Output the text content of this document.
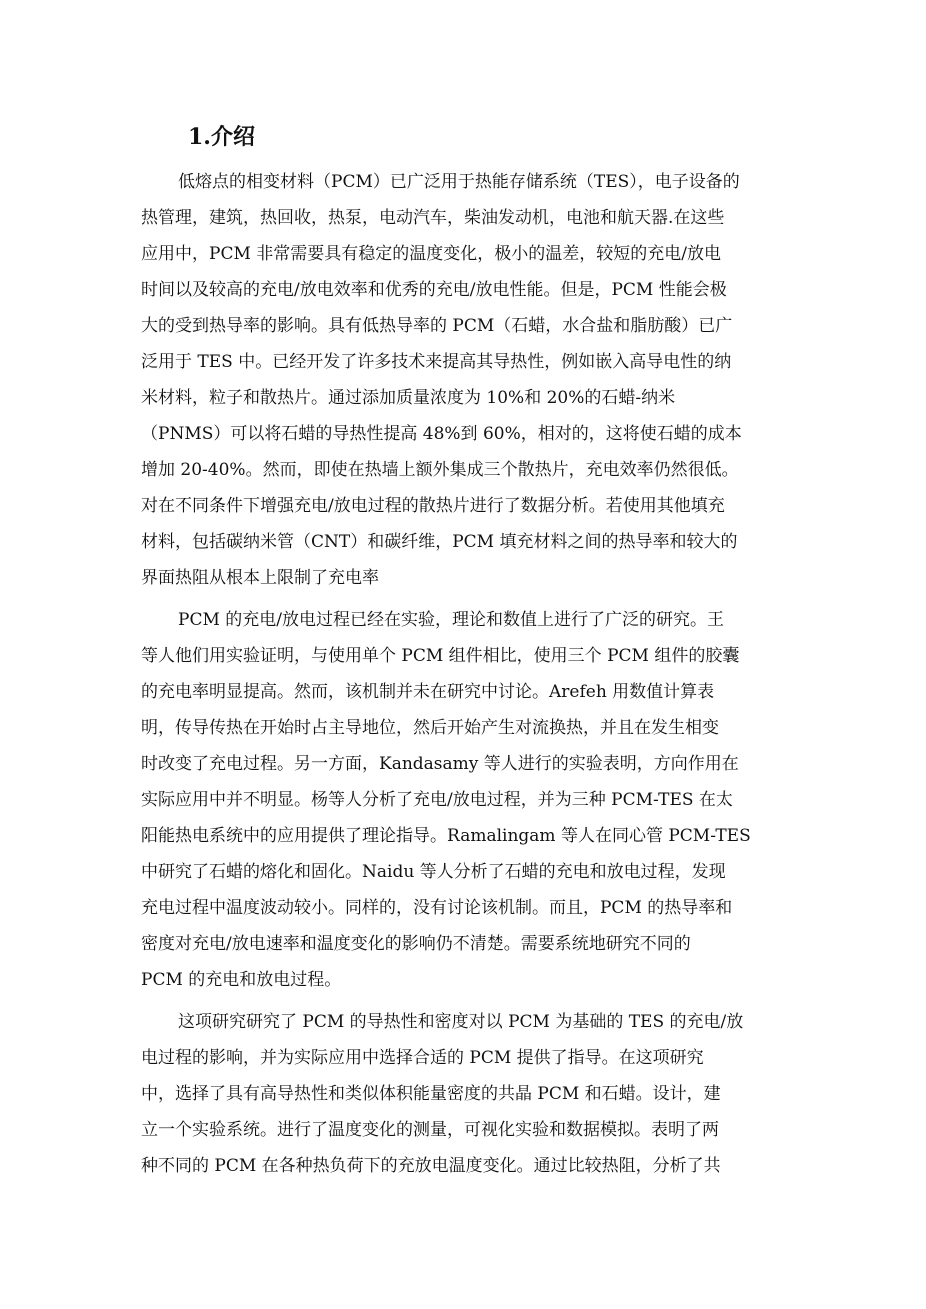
1.介绍
低熔点的相变材料（PCM）已广泛用于热能存储系统（TES），电子设备的
热管理，建筑，热回收，热泵，电动汽车，柴油发动机，电池和航天器.在这些
应用中，PCM 非常需要具有稳定的温度变化，极小的温差，较短的充电/放电
时间以及较高的充电/放电效率和优秀的充电/放电性能。但是，PCM 性能会极
大的受到热导率的影响。具有低热导率的 PCM（石蜡，水合盐和脂肪酸）已广
泛用于 TES 中。已经开发了许多技术来提高其导热性，例如嵌入高导电性的纳
米材料，粒子和散热片。通过添加质量浓度为 10%和 20%的石蜡-纳米
（PNMS）可以将石蜡的导热性提高 48%到 60%，相对的，这将使石蜡的成本
增加 20-40%。然而，即使在热墙上额外集成三个散热片，充电效率仍然很低。
对在不同条件下增强充电/放电过程的散热片进行了数据分析。若使用其他填充
材料，包括碳纳米管（CNT）和碳纤维，PCM 填充材料之间的热导率和较大的
界面热阻从根本上限制了充电率
PCM 的充电/放电过程已经在实验，理论和数值上进行了广泛的研究。王
等人他们用实验证明，与使用单个 PCM 组件相比，使用三个 PCM 组件的胶囊
的充电率明显提高。然而，该机制并未在研究中讨论。Arefeh 用数值计算表
明，传导传热在开始时占主导地位，然后开始产生对流换热，并且在发生相变
时改变了充电过程。另一方面，Kandasamy 等人进行的实验表明，方向作用在
实际应用中并不明显。杨等人分析了充电/放电过程，并为三种 PCM-TES 在太
阳能热电系统中的应用提供了理论指导。Ramalingam 等人在同心管 PCM-TES
中研究了石蜡的熔化和固化。Naidu 等人分析了石蜡的充电和放电过程，发现
充电过程中温度波动较小。同样的，没有讨论该机制。而且，PCM 的热导率和
密度对充电/放电速率和温度变化的影响仍不清楚。需要系统地研究不同的
PCM 的充电和放电过程。
这项研究研究了 PCM 的导热性和密度对以 PCM 为基础的 TES 的充电/放
电过程的影响，并为实际应用中选择合适的 PCM 提供了指导。在这项研究
中，选择了具有高导热性和类似体积能量密度的共晶 PCM 和石蜡。设计，建
立一个实验系统。进行了温度变化的测量，可视化实验和数据模拟。表明了两
种不同的 PCM 在各种热负荷下的充放电温度变化。通过比较热阻，分析了共
